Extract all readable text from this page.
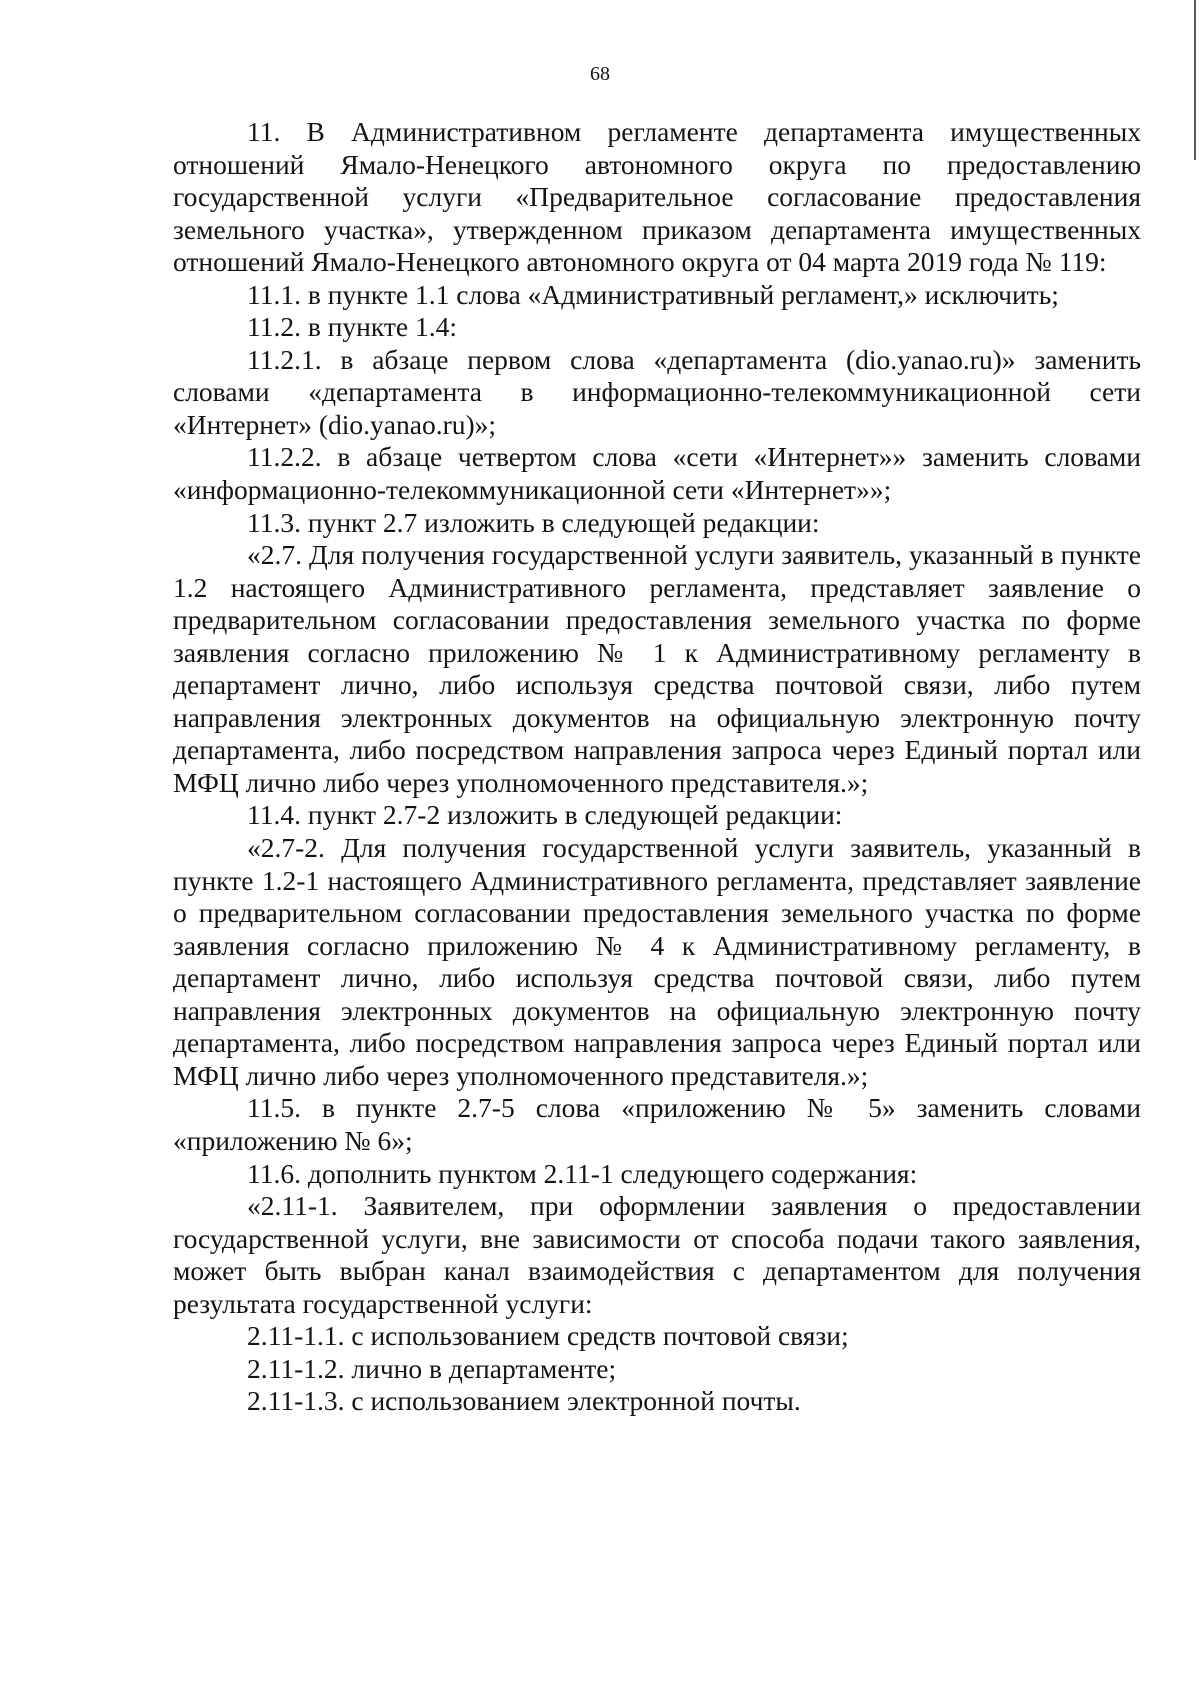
68

11. В Административном регламенте департамента имущественных отношений Ямало-Ненецкого автономного округа по предоставлению государственной услуги «Предварительное согласование предоставления земельного участка», утвержденном приказом департамента имущественных отношений Ямало-Ненецкого автономного округа от 04 марта 2019 года № 119:

11.1. в пункте 1.1 слова «Административный регламент,» исключить;

11.2. в пункте 1.4:

11.2.1. в абзаце первом слова «департамента (dio.yanao.ru)» заменить словами «департамента в информационно-телекоммуникационной сети «Интернет» (dio.yanao.ru)»;

11.2.2. в абзаце четвертом слова «сети «Интернет»» заменить словами «информационно-телекоммуникационной сети «Интернет»»;

11.3. пункт 2.7 изложить в следующей редакции:

«2.7. Для получения государственной услуги заявитель, указанный в пункте 1.2 настоящего Административного регламента, представляет заявление о предварительном согласовании предоставления земельного участка по форме заявления согласно приложению № 1 к Административному регламенту в департамент лично, либо используя средства почтовой связи, либо путем направления электронных документов на официальную электронную почту департамента, либо посредством направления запроса через Единый портал или МФЦ лично либо через уполномоченного представителя.»;

11.4. пункт 2.7-2 изложить в следующей редакции:

«2.7-2. Для получения государственной услуги заявитель, указанный в пункте 1.2-1 настоящего Административного регламента, представляет заявление о предварительном согласовании предоставления земельного участка по форме заявления согласно приложению № 4 к Административному регламенту, в департамент лично, либо используя средства почтовой связи, либо путем направления электронных документов на официальную электронную почту департамента, либо посредством направления запроса через Единый портал или МФЦ лично либо через уполномоченного представителя.»;

11.5. в пункте 2.7-5 слова «приложению № 5» заменить словами «приложению № 6»;

11.6. дополнить пунктом 2.11-1 следующего содержания:

«2.11-1. Заявителем, при оформлении заявления о предоставлении государственной услуги, вне зависимости от способа подачи такого заявления, может быть выбран канал взаимодействия с департаментом для получения результата государственной услуги:

2.11-1.1. с использованием средств почтовой связи;

2.11-1.2. лично в департаменте;

2.11-1.3. с использованием электронной почты.
